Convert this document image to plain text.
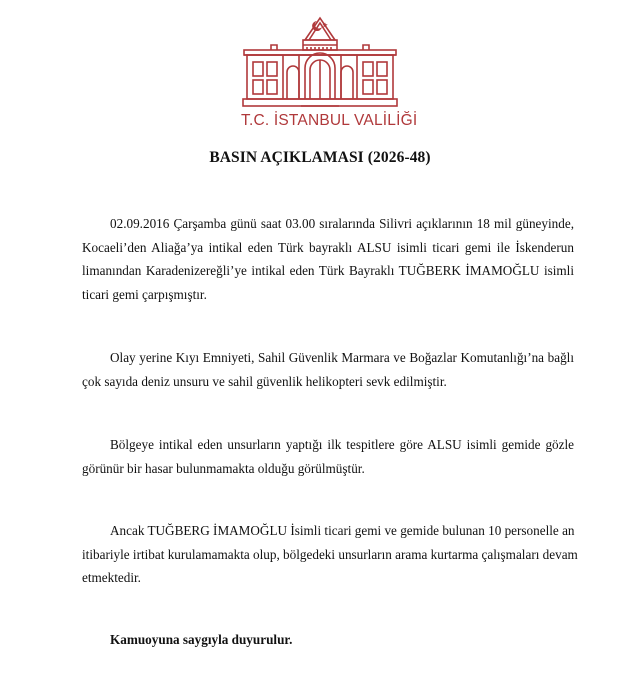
T.C. İSTANBUL VALİLİĞİ
BASIN AÇIKLAMASI (2026-48)
02.09.2016 Çarşamba günü saat 03.00 sıralarında Silivri açıklarının 18 mil güneyinde,
Kocaeli’den Aliağa’ya intikal eden Türk bayraklı ALSU isimli ticari gemi ile İskenderun
limanından Karadenizereğli’ye intikal eden Türk Bayraklı TUĞBERK İMAMOĞLU isimli
ticari gemi çarpışmıştır.
Olay yerine Kıyı Emniyeti, Sahil Güvenlik Marmara ve Boğazlar Komutanlığı’na bağlı
çok sayıda deniz unsuru ve sahil güvenlik helikopteri sevk edilmiştir.
Bölgeye intikal eden unsurların yaptığı ilk tespitlere göre ALSU isimli gemide gözle
görünür bir hasar bulunmamakta olduğu görülmüştür.
Ancak TUĞBERG İMAMOĞLU İsimli ticari gemi ve gemide bulunan 10 personelle an
itibariyle irtibat kurulamamakta olup, bölgedeki unsurların arama kurtarma çalışmaları devam
etmektedir.
Kamuoyuna saygıyla duyurulur.
